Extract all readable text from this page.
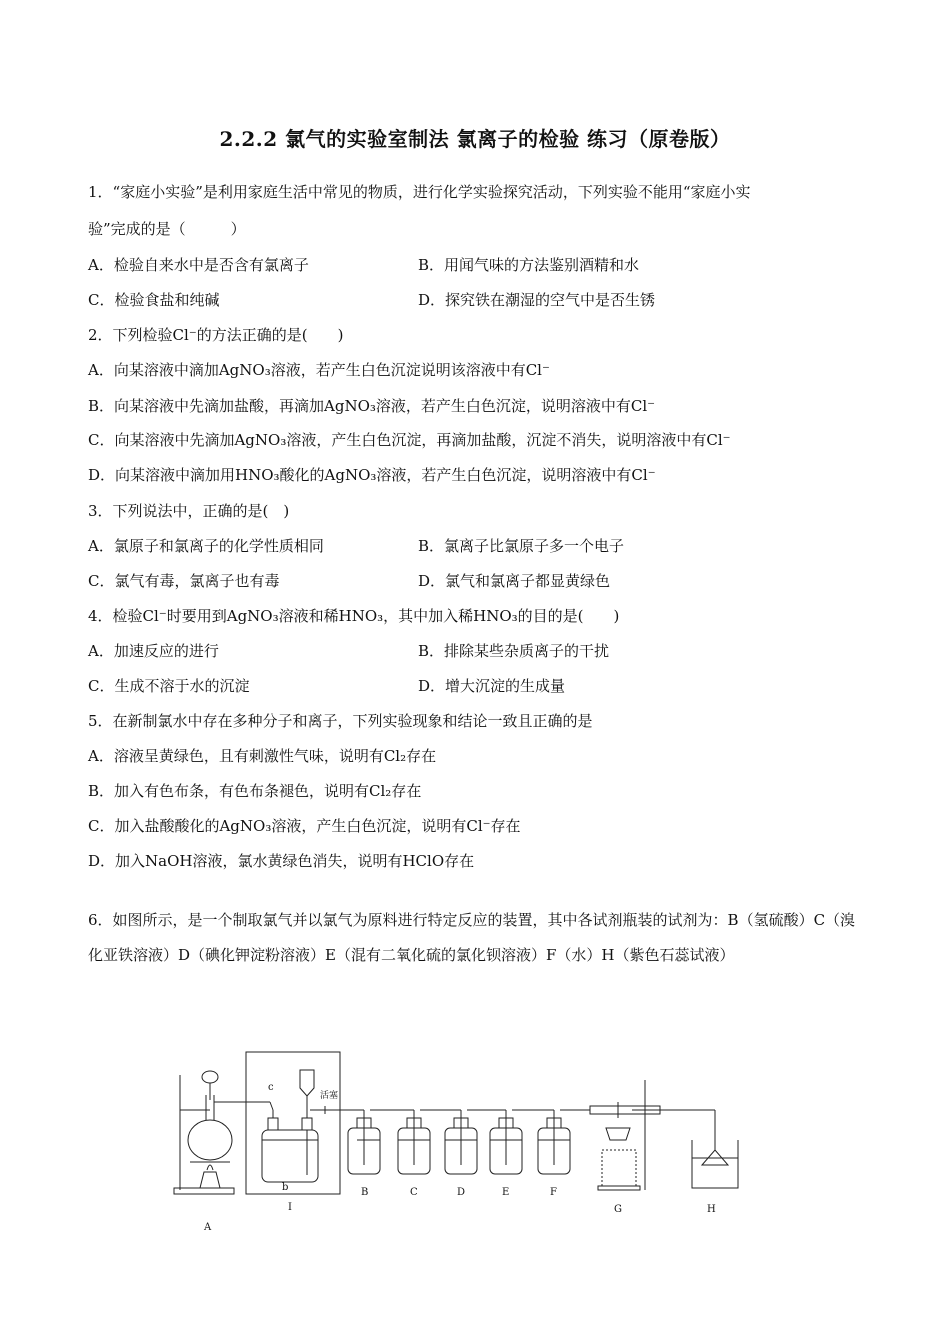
2.2.2 氯气的实验室制法 氯离子的检验 练习（原卷版）
1．“家庭小实验”是利用家庭生活中常见的物质，进行化学实验探究活动，下列实验不能用“家庭小实
验”完成的是（　　　）
A．检验自来水中是否含有氯离子	B．用闻气味的方法鉴别酒精和水
C．检验食盐和纯碱	D．探究铁在潮湿的空气中是否生锈
2．下列检验Cl⁻的方法正确的是(　　)
A．向某溶液中滴加AgNO₃溶液，若产生白色沉淀说明该溶液中有Cl⁻
B．向某溶液中先滴加盐酸，再滴加AgNO₃溶液，若产生白色沉淀，说明溶液中有Cl⁻
C．向某溶液中先滴加AgNO₃溶液，产生白色沉淀，再滴加盐酸，沉淀不消失，说明溶液中有Cl⁻
D．向某溶液中滴加用HNO₃酸化的AgNO₃溶液，若产生白色沉淀，说明溶液中有Cl⁻
3．下列说法中，正确的是(　)
A．氯原子和氯离子的化学性质相同	B．氯离子比氯原子多一个电子
C．氯气有毒，氯离子也有毒	D．氯气和氯离子都显黄绿色
4．检验Cl⁻时要用到AgNO₃溶液和稀HNO₃，其中加入稀HNO₃的目的是(　　)
A．加速反应的进行	B．排除某些杂质离子的干扰
C．生成不溶于水的沉淀	D．增大沉淀的生成量
5．在新制氯水中存在多种分子和离子，下列实验现象和结论一致且正确的是
A．溶液呈黄绿色，且有刺激性气味，说明有Cl₂存在
B．加入有色布条，有色布条褪色，说明有Cl₂存在
C．加入盐酸酸化的AgNO₃溶液，产生白色沉淀，说明有Cl⁻存在
D．加入NaOH溶液，氯水黄绿色消失，说明有HClO存在
6．如图所示，是一个制取氯气并以氯气为原料进行特定反应的装置，其中各试剂瓶装的试剂为：B（氢硫酸）C（溴化亚铁溶液）D（碘化钾淀粉溶液）E（混有二氧化硫的氯化钡溶液）F（水）H（紫色石蕊试液）
A
I
B	C	D	E	F
G	H
c
b
活塞
